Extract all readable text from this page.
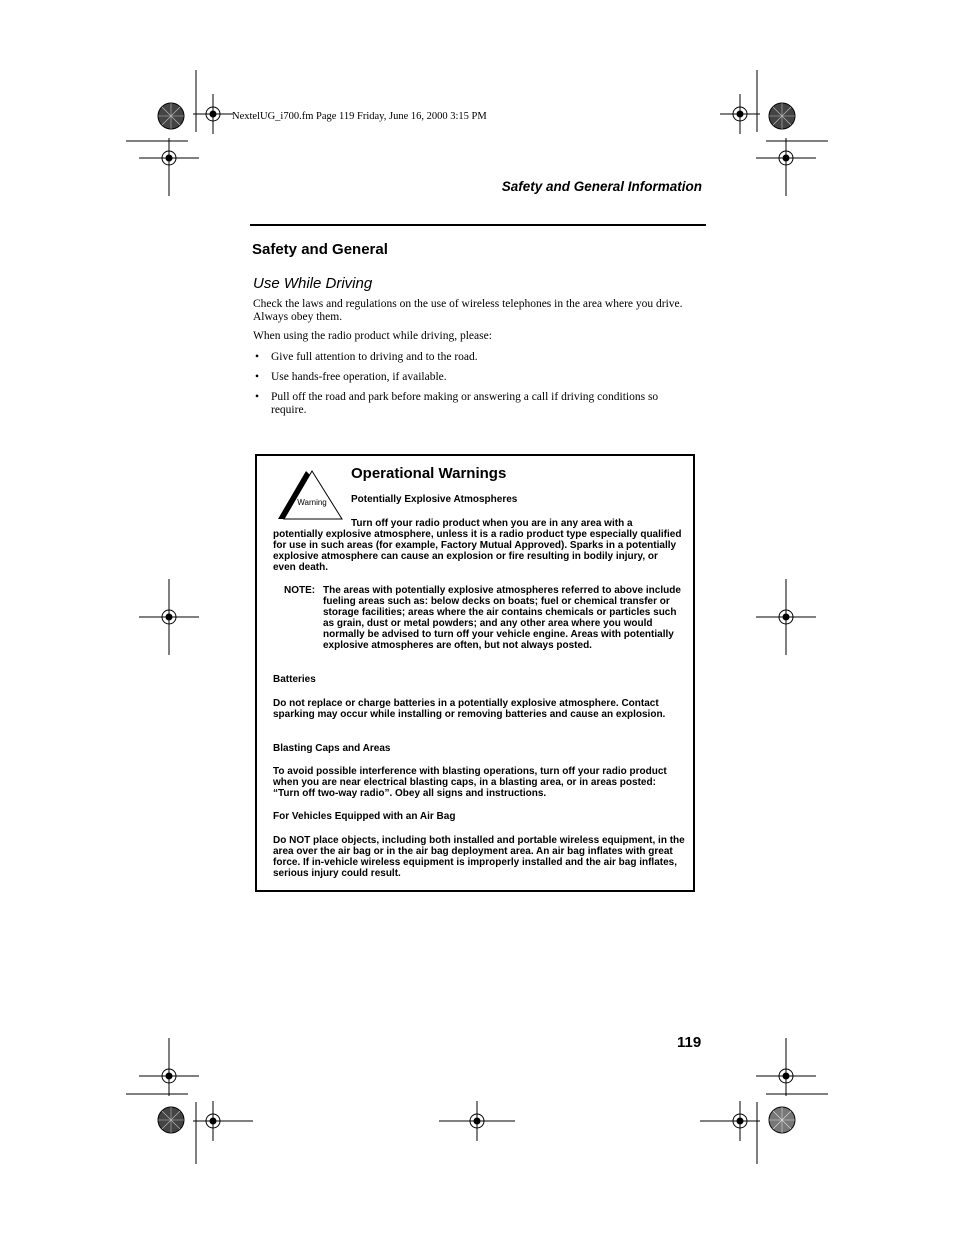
NextelUG_i700.fm Page 119 Friday, June 16, 2000 3:15 PM
Safety and General Information
Safety and General
Use While Driving
Check the laws and regulations on the use of wireless telephones in the area where you drive. Always obey them.
When using the radio product while driving, please:
• Give full attention to driving and to the road.
• Use hands-free operation, if available.
• Pull off the road and park before making or answering a call if driving conditions so require.
Warning
Operational Warnings
Potentially Explosive Atmospheres
Turn off your radio product when you are in any area with a potentially explosive atmosphere, unless it is a radio product type especially qualified for use in such areas (for example, Factory Mutual Approved). Sparks in a potentially explosive atmosphere can cause an explosion or fire resulting in bodily injury, or even death.
NOTE: The areas with potentially explosive atmospheres referred to above include fueling areas such as: below decks on boats; fuel or chemical transfer or storage facilities; areas where the air contains chemicals or particles such as grain, dust or metal powders; and any other area where you would normally be advised to turn off your vehicle engine. Areas with potentially explosive atmospheres are often, but not always posted.
Batteries
Do not replace or charge batteries in a potentially explosive atmosphere. Contact sparking may occur while installing or removing batteries and cause an explosion.
Blasting Caps and Areas
To avoid possible interference with blasting operations, turn off your radio product when you are near electrical blasting caps, in a blasting area, or in areas posted: “Turn off two-way radio”. Obey all signs and instructions.
For Vehicles Equipped with an Air Bag
Do NOT place objects, including both installed and portable wireless equipment, in the area over the air bag or in the air bag deployment area. An air bag inflates with great force. If in-vehicle wireless equipment is improperly installed and the air bag inflates, serious injury could result.
119
